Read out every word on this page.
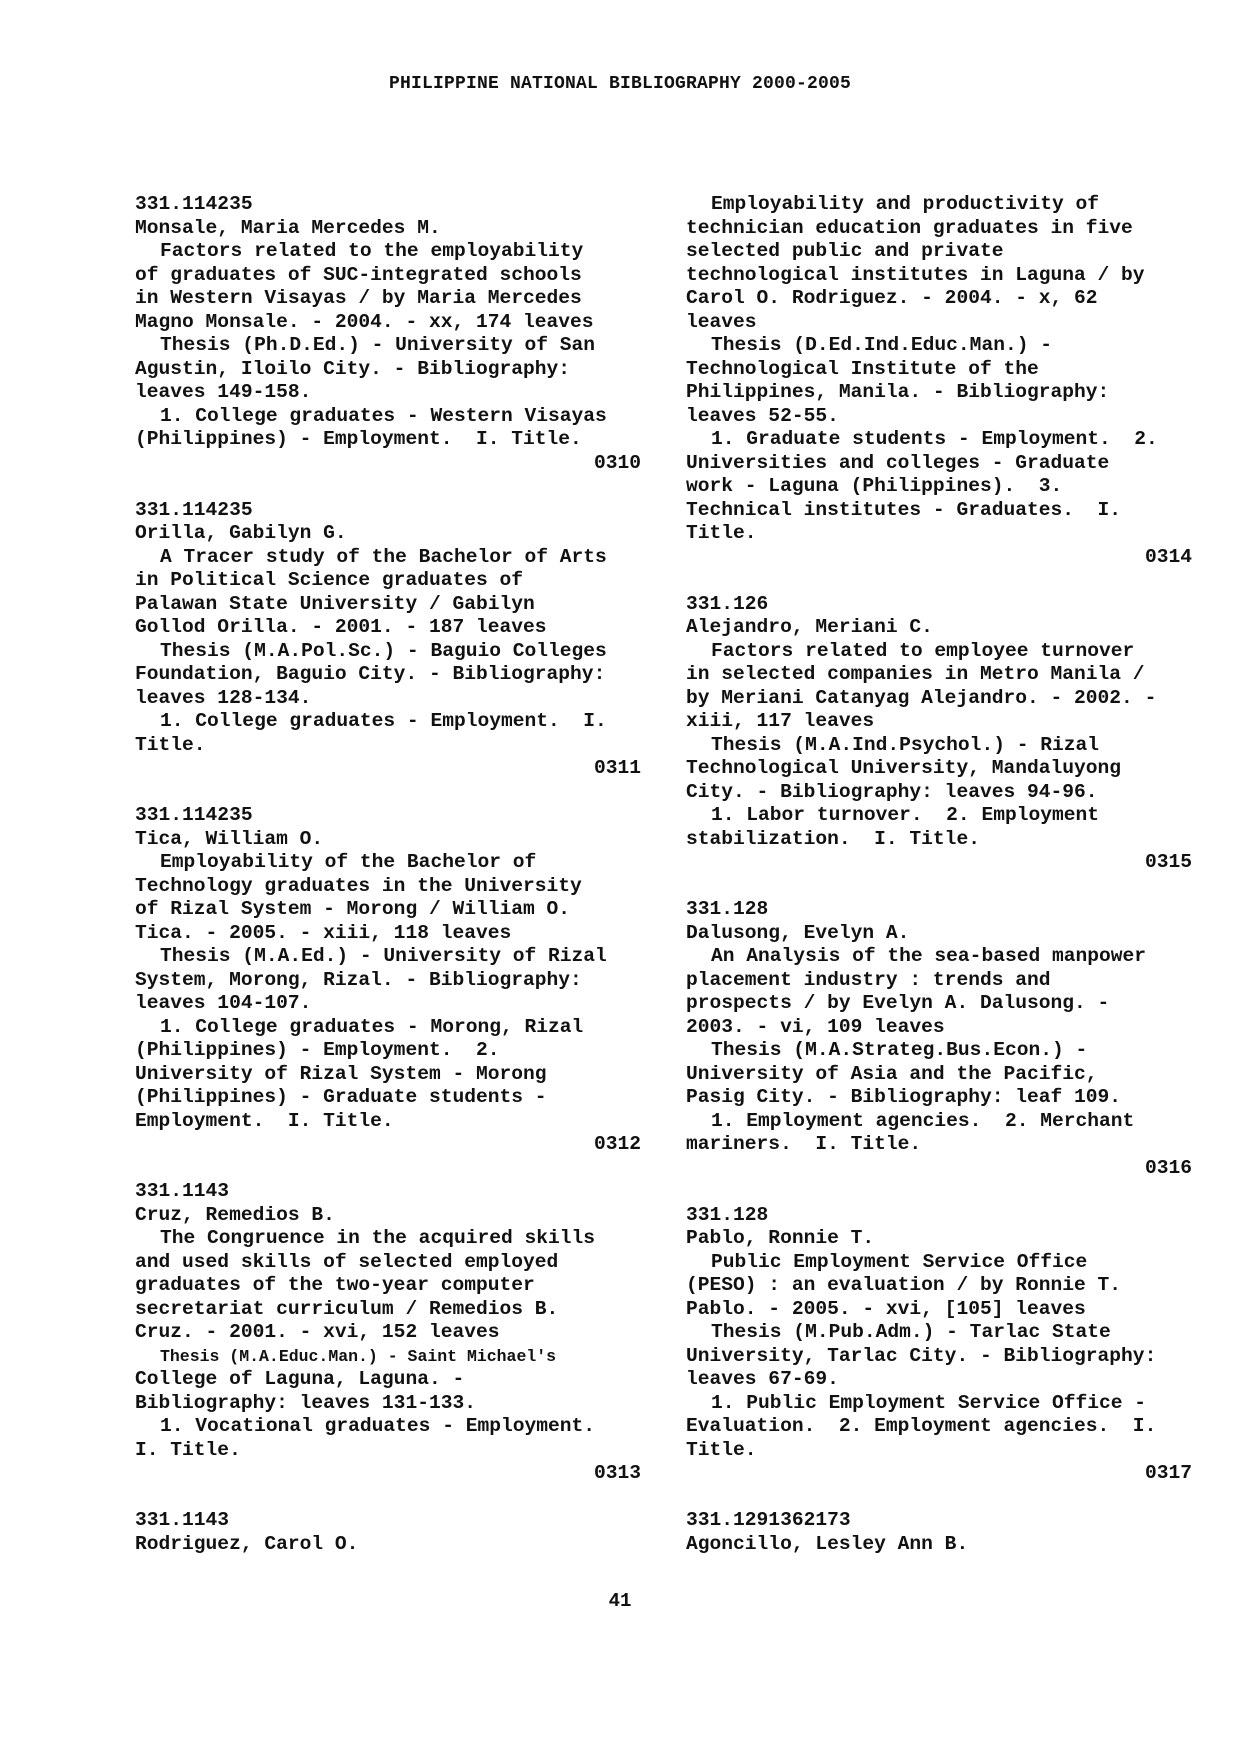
PHILIPPINE NATIONAL BIBLIOGRAPHY 2000-2005
331.114235
Monsale, Maria Mercedes M.
Factors related to the employability
of graduates of SUC-integrated schools
in Western Visayas / by Maria Mercedes
Magno Monsale. - 2004. - xx, 174 leaves
Thesis (Ph.D.Ed.) - University of San
Agustin, Iloilo City. - Bibliography:
leaves 149-158.
1. College graduates - Western Visayas
(Philippines) - Employment.  I. Title.
0310
331.114235
Orilla, Gabilyn G.
A Tracer study of the Bachelor of Arts
in Political Science graduates of
Palawan State University / Gabilyn
Gollod Orilla. - 2001. - 187 leaves
Thesis (M.A.Pol.Sc.) - Baguio Colleges
Foundation, Baguio City. - Bibliography:
leaves 128-134.
1. College graduates - Employment.  I.
Title.
0311
331.114235
Tica, William O.
Employability of the Bachelor of
Technology graduates in the University
of Rizal System - Morong / William O.
Tica. - 2005. - xiii, 118 leaves
Thesis (M.A.Ed.) - University of Rizal
System, Morong, Rizal. - Bibliography:
leaves 104-107.
1. College graduates - Morong, Rizal
(Philippines) - Employment.  2.
University of Rizal System - Morong
(Philippines) - Graduate students -
Employment.  I. Title.
0312
331.1143
Cruz, Remedios B.
The Congruence in the acquired skills
and used skills of selected employed
graduates of the two-year computer
secretariat curriculum / Remedios B.
Cruz. - 2001. - xvi, 152 leaves
Thesis (M.A.Educ.Man.) - Saint Michael's
College of Laguna, Laguna. -
Bibliography: leaves 131-133.
1. Vocational graduates - Employment.
I. Title.
0313
331.1143
Rodriguez, Carol O.
Employability and productivity of
technician education graduates in five
selected public and private
technological institutes in Laguna / by
Carol O. Rodriguez. - 2004. - x, 62
leaves
Thesis (D.Ed.Ind.Educ.Man.) -
Technological Institute of the
Philippines, Manila. - Bibliography:
leaves 52-55.
1. Graduate students - Employment.  2.
Universities and colleges - Graduate
work - Laguna (Philippines).  3.
Technical institutes - Graduates.  I.
Title.
0314
331.126
Alejandro, Meriani C.
Factors related to employee turnover
in selected companies in Metro Manila /
by Meriani Catanyag Alejandro. - 2002. -
xiii, 117 leaves
Thesis (M.A.Ind.Psychol.) - Rizal
Technological University, Mandaluyong
City. - Bibliography: leaves 94-96.
1. Labor turnover.  2. Employment
stabilization.  I. Title.
0315
331.128
Dalusong, Evelyn A.
An Analysis of the sea-based manpower
placement industry : trends and
prospects / by Evelyn A. Dalusong. -
2003. - vi, 109 leaves
Thesis (M.A.Strateg.Bus.Econ.) -
University of Asia and the Pacific,
Pasig City. - Bibliography: leaf 109.
1. Employment agencies.  2. Merchant
mariners.  I. Title.
0316
331.128
Pablo, Ronnie T.
Public Employment Service Office
(PESO) : an evaluation / by Ronnie T.
Pablo. - 2005. - xvi, [105] leaves
Thesis (M.Pub.Adm.) - Tarlac State
University, Tarlac City. - Bibliography:
leaves 67-69.
1. Public Employment Service Office -
Evaluation.  2. Employment agencies.  I.
Title.
0317
331.1291362173
Agoncillo, Lesley Ann B.
41
